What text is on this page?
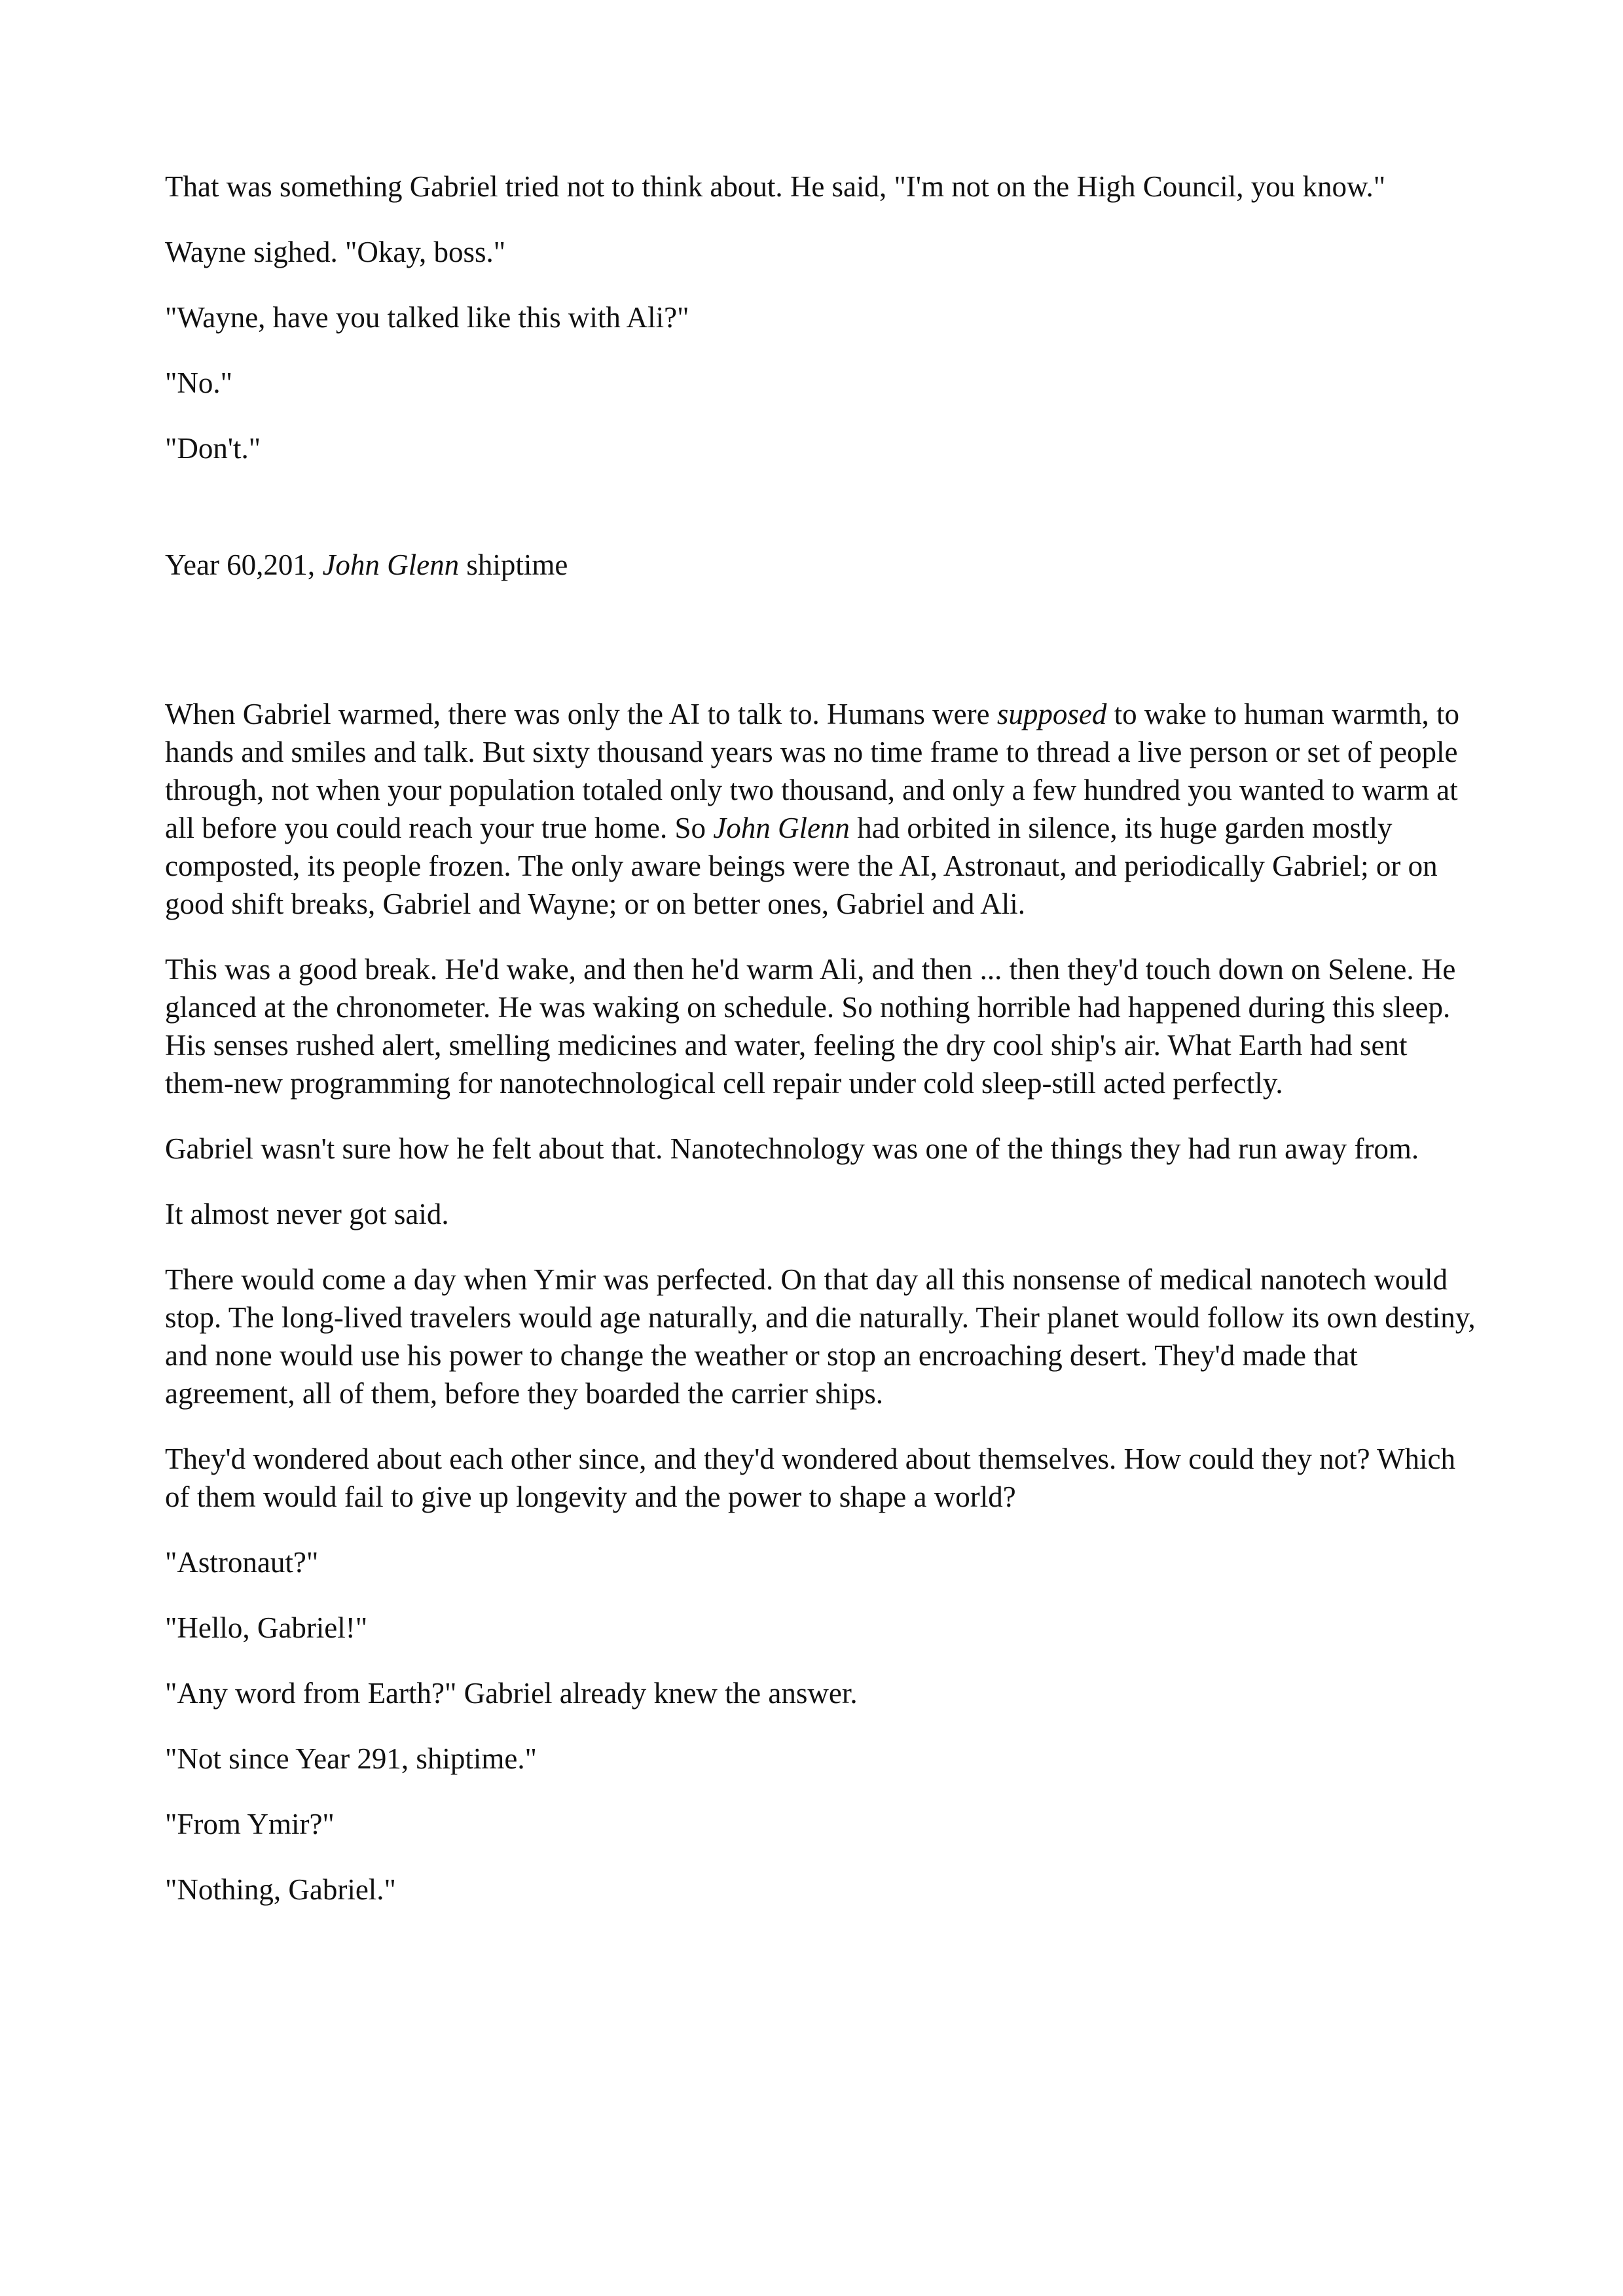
That was something Gabriel tried not to think about. He said, "I'm not on the High Council, you know."

Wayne sighed. "Okay, boss."

"Wayne, have you talked like this with Ali?"

"No."

"Don't."

Year 60,201, John Glenn shiptime

When Gabriel warmed, there was only the AI to talk to. Humans were supposed to wake to human warmth, to hands and smiles and talk. But sixty thousand years was no time frame to thread a live person or set of people through, not when your population totaled only two thousand, and only a few hundred you wanted to warm at all before you could reach your true home. So John Glenn had orbited in silence, its huge garden mostly composted, its people frozen. The only aware beings were the AI, Astronaut, and periodically Gabriel; or on good shift breaks, Gabriel and Wayne; or on better ones, Gabriel and Ali.

This was a good break. He'd wake, and then he'd warm Ali, and then ... then they'd touch down on Selene. He glanced at the chronometer. He was waking on schedule. So nothing horrible had happened during this sleep. His senses rushed alert, smelling medicines and water, feeling the dry cool ship's air. What Earth had sent them-new programming for nanotechnological cell repair under cold sleep-still acted perfectly.

Gabriel wasn't sure how he felt about that. Nanotechnology was one of the things they had run away from.

It almost never got said.

There would come a day when Ymir was perfected. On that day all this nonsense of medical nanotech would stop. The long-lived travelers would age naturally, and die naturally. Their planet would follow its own destiny, and none would use his power to change the weather or stop an encroaching desert. They'd made that agreement, all of them, before they boarded the carrier ships.

They'd wondered about each other since, and they'd wondered about themselves. How could they not? Which of them would fail to give up longevity and the power to shape a world?

"Astronaut?"

"Hello, Gabriel!"

"Any word from Earth?" Gabriel already knew the answer.

"Not since Year 291, shiptime."

"From Ymir?"

"Nothing, Gabriel."
